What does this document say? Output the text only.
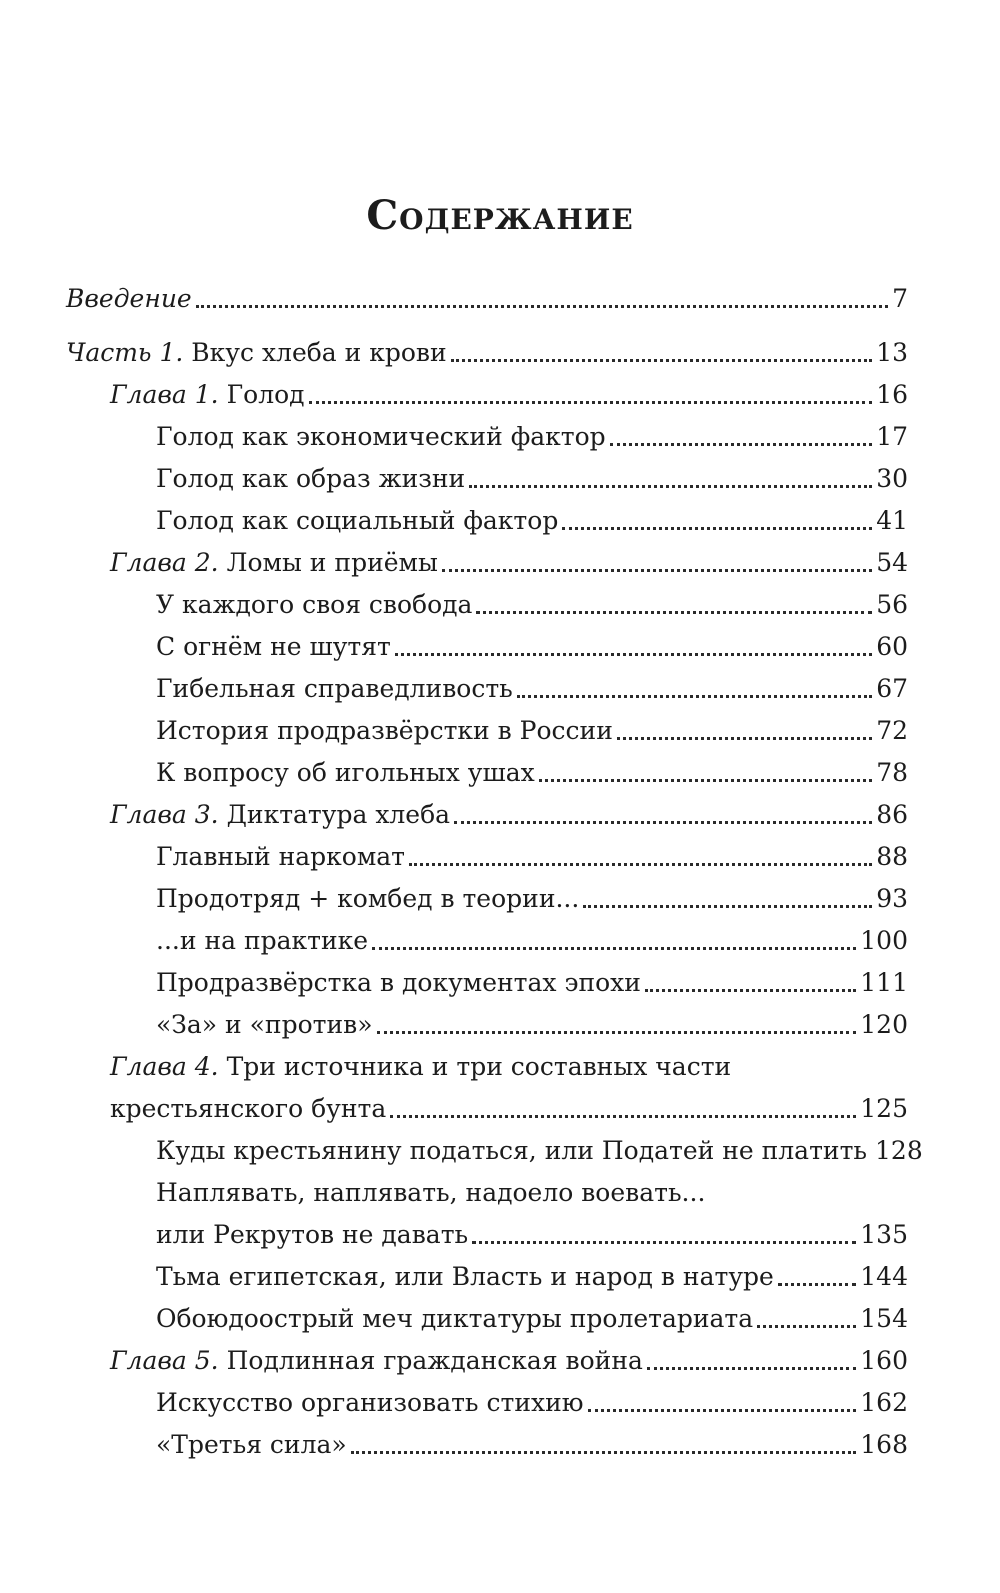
Содержание
Введение	7
Часть 1. Вкус хлеба и крови	13
Глава 1. Голод	16
Голод как экономический фактор	17
Голод как образ жизни	30
Голод как социальный фактор	41
Глава 2. Ломы и приёмы	54
У каждого своя свобода	56
С огнём не шутят	60
Гибельная справедливость	67
История продразвёрстки в России	72
К вопросу об игольных ушах	78
Глава 3. Диктатура хлеба	86
Главный наркомат	88
Продотряд + комбед в теории...	93
...и на практике	100
Продразвёрстка в документах эпохи	111
«За» и «против»	120
Глава 4. Три источника и три составных части
крестьянского бунта	125
Куды крестьянину податься, или Податей не платить 128
Наплявать, наплявать, надоело воевать...
или Рекрутов не давать	135
Тьма египетская, или Власть и народ в натуре	144
Обоюдоострый меч диктатуры пролетариата	154
Глава 5. Подлинная гражданская война	160
Искусство организовать стихию	162
«Третья сила»	168
